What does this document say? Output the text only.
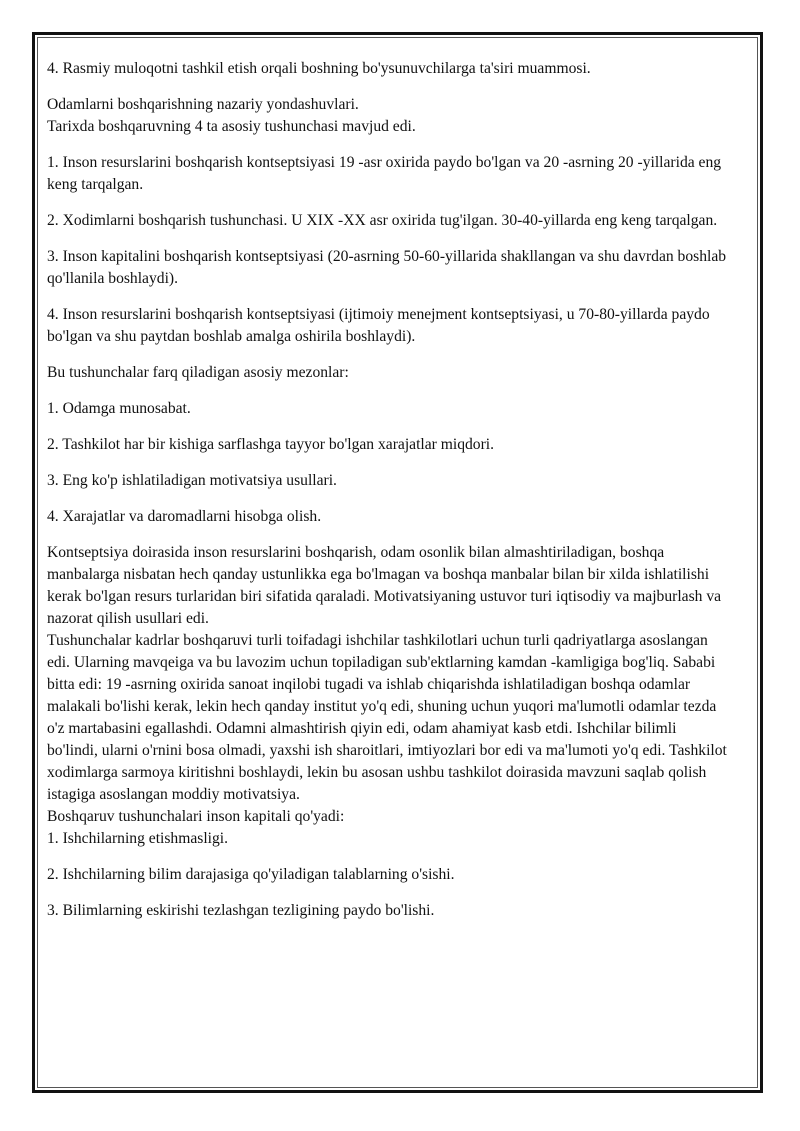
4. Rasmiy muloqotni tashkil etish orqali boshning bo'ysunuvchilarga ta'siri muammosi.

Odamlarni boshqarishning nazariy yondashuvlari.

Tarixda boshqaruvning 4 ta asosiy tushunchasi mavjud edi.

1. Inson resurslarini boshqarish kontseptsiyasi 19 -asr oxirida paydo bo'lgan va 20 -asrning 20 -yillarida eng keng tarqalgan.

2. Xodimlarni boshqarish tushunchasi. U XIX -XX asr oxirida tug'ilgan. 30-40-yillarda eng keng tarqalgan.

3. Inson kapitalini boshqarish kontseptsiyasi (20-asrning 50-60-yillarida shakllangan va shu davrdan boshlab qo'llanila boshlaydi).

4. Inson resurslarini boshqarish kontseptsiyasi (ijtimoiy menejment kontseptsiyasi, u 70-80-yillarda paydo bo'lgan va shu paytdan boshlab amalga oshirila boshlaydi).

Bu tushunchalar farq qiladigan asosiy mezonlar:

1. Odamga munosabat.

2. Tashkilot har bir kishiga sarflashga tayyor bo'lgan xarajatlar miqdori.

3. Eng ko'p ishlatiladigan motivatsiya usullari.

4. Xarajatlar va daromadlarni hisobga olish.

Kontseptsiya doirasida inson resurslarini boshqarish, odam osonlik bilan almashtiriladigan, boshqa manbalarga nisbatan hech qanday ustunlikka ega bo'lmagan va boshqa manbalar bilan bir xilda ishlatilishi kerak bo'lgan resurs turlaridan biri sifatida qaraladi. Motivatsiyaning ustuvor turi iqtisodiy va majburlash va nazorat qilish usullari edi.

Tushunchalar kadrlar boshqaruvi turli toifadagi ishchilar tashkilotlari uchun turli qadriyatlarga asoslangan edi. Ularning mavqeiga va bu lavozim uchun topiladigan sub'ektlarning kamdan -kamligiga bog'liq. Sababi bitta edi: 19 -asrning oxirida sanoat inqilobi tugadi va ishlab chiqarishda ishlatiladigan boshqa odamlar malakali bo'lishi kerak, lekin hech qanday institut yo'q edi, shuning uchun yuqori ma'lumotli odamlar tezda o'z martabasini egallashdi. Odamni almashtirish qiyin edi, odam ahamiyat kasb etdi. Ishchilar bilimli bo'lindi, ularni o'rnini bosa olmadi, yaxshi ish sharoitlari, imtiyozlari bor edi va ma'lumoti yo'q edi. Tashkilot xodimlarga sarmoya kiritishni boshlaydi, lekin bu asosan ushbu tashkilot doirasida mavzuni saqlab qolish istagiga asoslangan moddiy motivatsiya.

Boshqaruv tushunchalari inson kapitali qo'yadi:

1. Ishchilarning etishmasligi.

2. Ishchilarning bilim darajasiga qo'yiladigan talablarning o'sishi.

3. Bilimlarning eskirishi tezlashgan tezligining paydo bo'lishi.
